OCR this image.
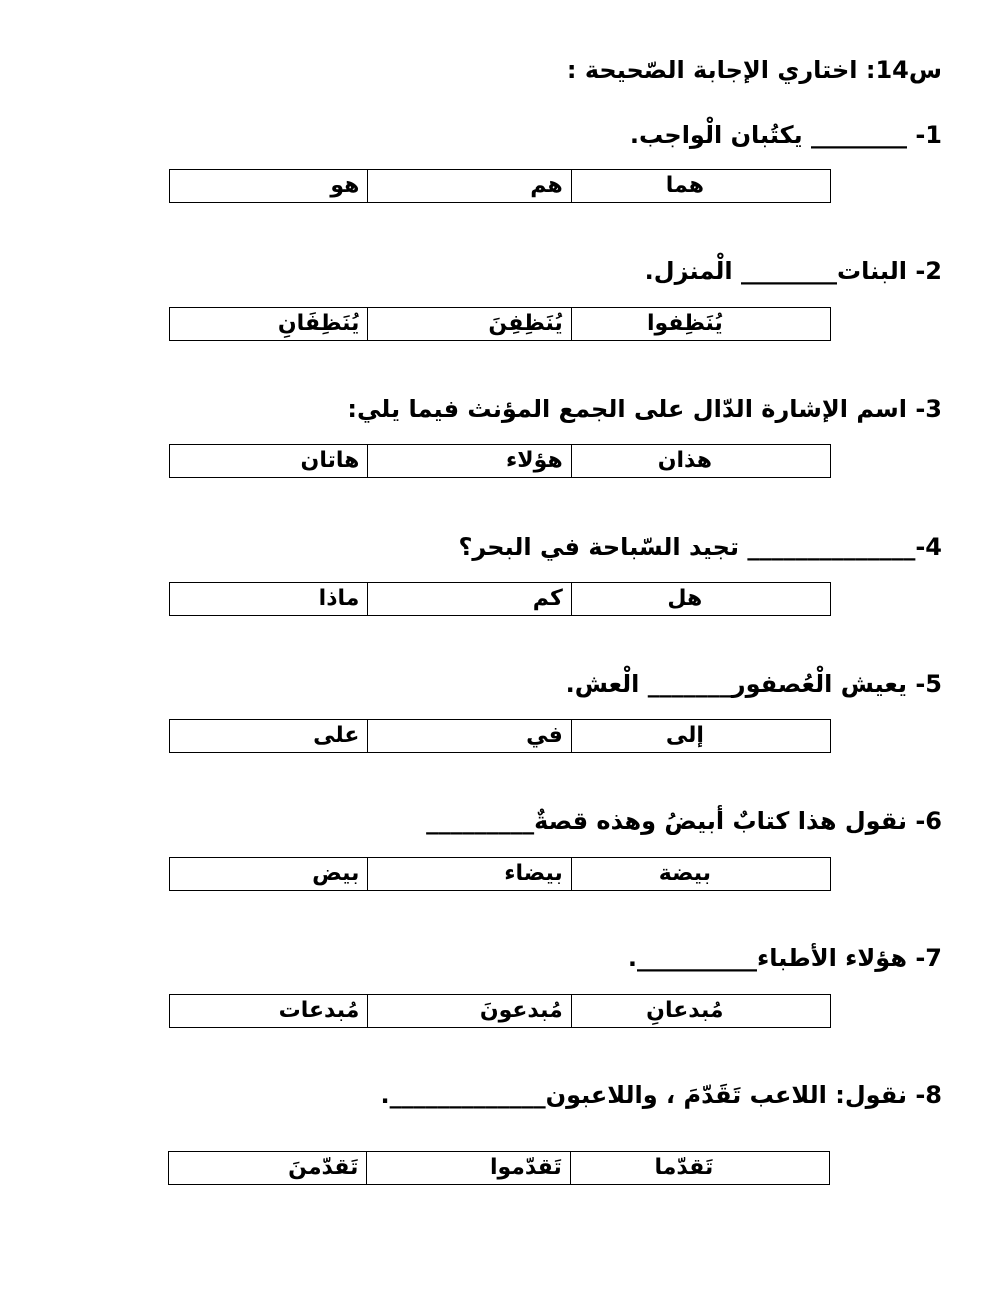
س14: اختاري الإجابة الصّحيحة :
1- ________ يكتُبان الْواجب.
هما
هم
هو
2- البنات________ الْمنزل.
يُنَظِفوا
يُنَظِفِنَ
يُنَظِفَانِ
3- اسم الإشارة الدّال على الجمع المؤنث فيما يلي:
هذان
هؤلاء
هاتان
4-______________ تجيد السّباحة في البحر؟
هل
كم
ماذا
5- يعيش الْعُصفور_______ الْعش.
إلى
في
على
6- نقول هذا كتابٌ أبيضُ وهذه قصةٌ_________
بيضة
بيضاء
بيض
7- هؤلاء الأطباء__________.
مُبدعانِ
مُبدعونَ
مُبدعات
8- نقول: اللاعب تَقَدّمَ ، واللاعبون_____________.
تَقدّما
تَقدّموا
تَقدّمنَ
